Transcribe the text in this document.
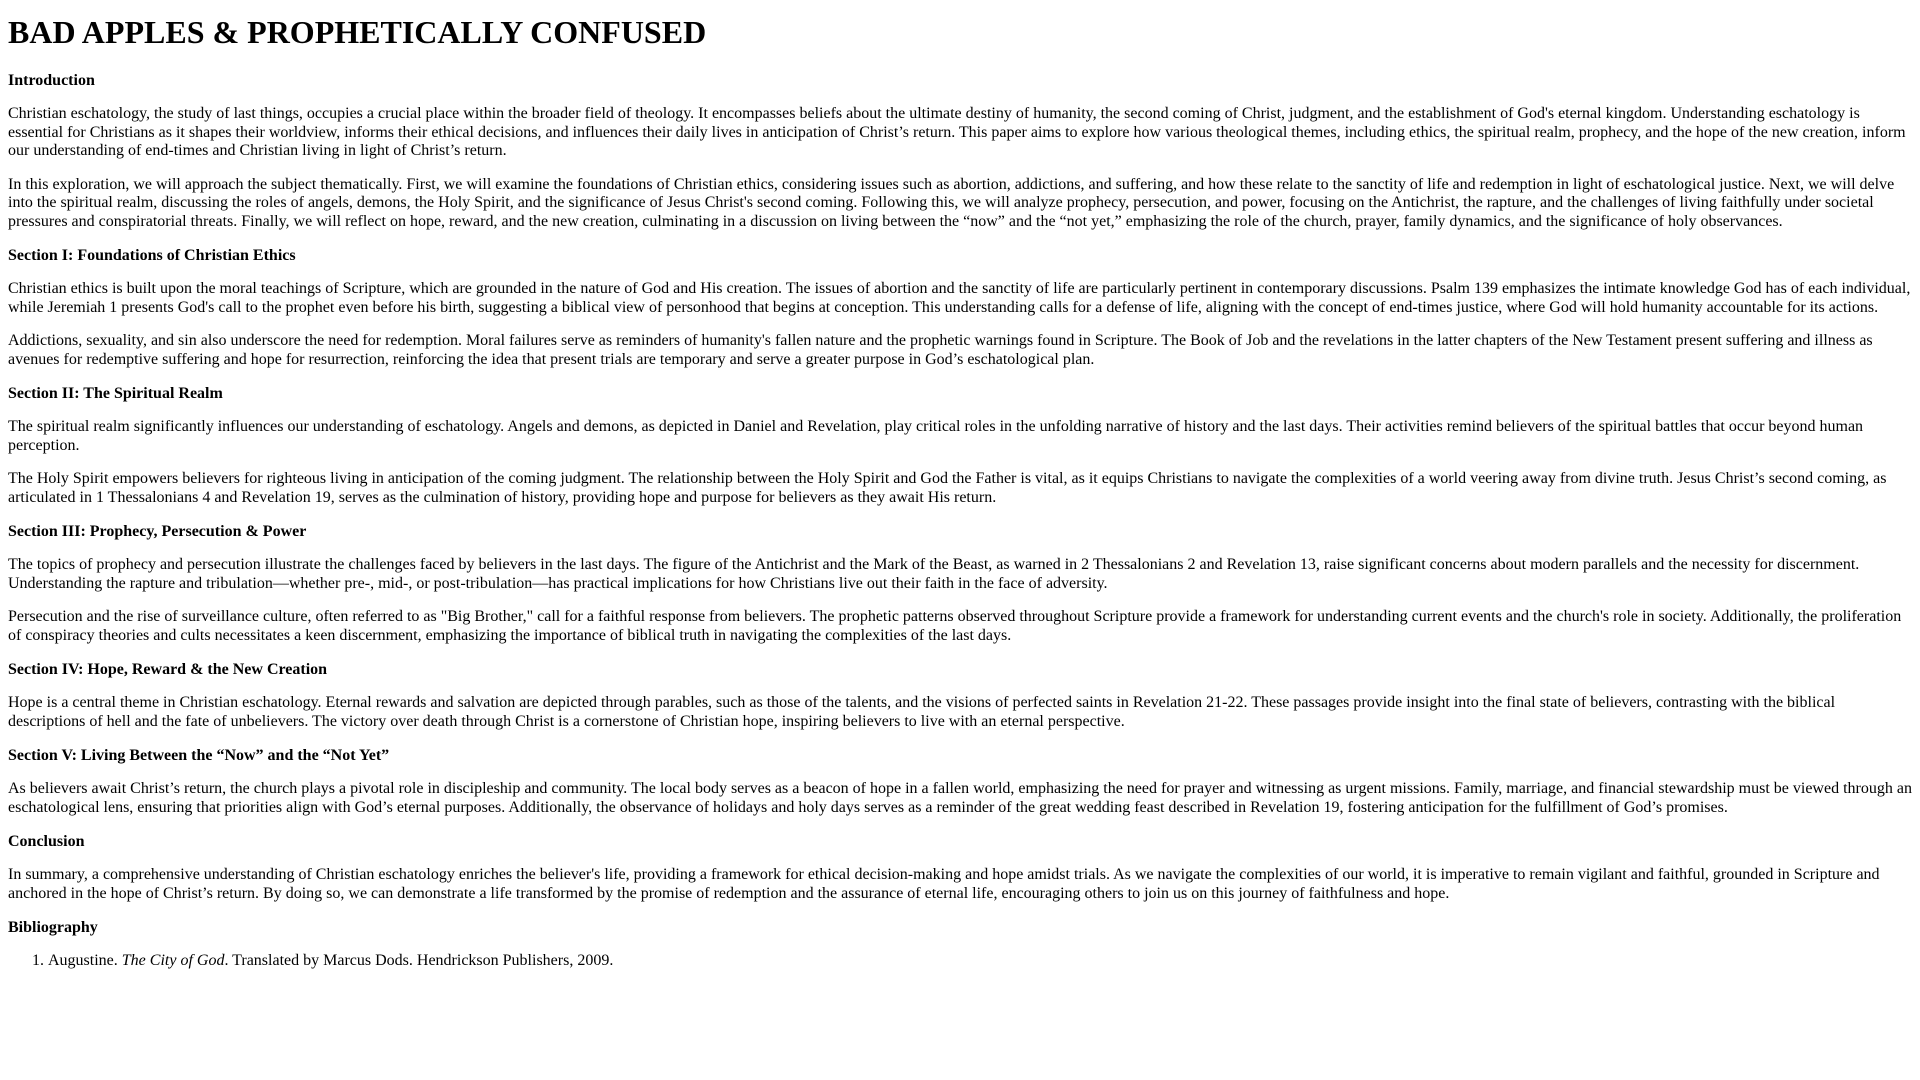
BAD APPLES & PROPHETICALLY CONFUSED
Introduction

Christian eschatology, the study of last things, occupies a crucial place within the broader field of theology. It encompasses beliefs about the ultimate destiny of humanity, the second coming of Christ, judgment, and the establishment of God's eternal kingdom. Understanding eschatology is essential for Christians as it shapes their worldview, informs their ethical decisions, and influences their daily lives in anticipation of Christ’s return. This paper aims to explore how various theological themes, including ethics, the spiritual realm, prophecy, and the hope of the new creation, inform our understanding of end-times and Christian living in light of Christ’s return.

In this exploration, we will approach the subject thematically. First, we will examine the foundations of Christian ethics, considering issues such as abortion, addictions, and suffering, and how these relate to the sanctity of life and redemption in light of eschatological justice. Next, we will delve into the spiritual realm, discussing the roles of angels, demons, the Holy Spirit, and the significance of Jesus Christ's second coming. Following this, we will analyze prophecy, persecution, and power, focusing on the Antichrist, the rapture, and the challenges of living faithfully under societal pressures and conspiratorial threats. Finally, we will reflect on hope, reward, and the new creation, culminating in a discussion on living between the “now” and the “not yet,” emphasizing the role of the church, prayer, family dynamics, and the significance of holy observances.

Section I: Foundations of Christian Ethics

Christian ethics is built upon the moral teachings of Scripture, which are grounded in the nature of God and His creation. The issues of abortion and the sanctity of life are particularly pertinent in contemporary discussions. Psalm 139 emphasizes the intimate knowledge God has of each individual, while Jeremiah 1 presents God's call to the prophet even before his birth, suggesting a biblical view of personhood that begins at conception. This understanding calls for a defense of life, aligning with the concept of end-times justice, where God will hold humanity accountable for its actions.

Addictions, sexuality, and sin also underscore the need for redemption. Moral failures serve as reminders of humanity's fallen nature and the prophetic warnings found in Scripture. The Book of Job and the revelations in the latter chapters of the New Testament present suffering and illness as avenues for redemptive suffering and hope for resurrection, reinforcing the idea that present trials are temporary and serve a greater purpose in God’s eschatological plan.

Section II: The Spiritual Realm

The spiritual realm significantly influences our understanding of eschatology. Angels and demons, as depicted in Daniel and Revelation, play critical roles in the unfolding narrative of history and the last days. Their activities remind believers of the spiritual battles that occur beyond human perception.

The Holy Spirit empowers believers for righteous living in anticipation of the coming judgment. The relationship between the Holy Spirit and God the Father is vital, as it equips Christians to navigate the complexities of a world veering away from divine truth. Jesus Christ’s second coming, as articulated in 1 Thessalonians 4 and Revelation 19, serves as the culmination of history, providing hope and purpose for believers as they await His return.

Section III: Prophecy, Persecution & Power

The topics of prophecy and persecution illustrate the challenges faced by believers in the last days. The figure of the Antichrist and the Mark of the Beast, as warned in 2 Thessalonians 2 and Revelation 13, raise significant concerns about modern parallels and the necessity for discernment. Understanding the rapture and tribulation—whether pre-, mid-, or post-tribulation—has practical implications for how Christians live out their faith in the face of adversity.

Persecution and the rise of surveillance culture, often referred to as "Big Brother," call for a faithful response from believers. The prophetic patterns observed throughout Scripture provide a framework for understanding current events and the church's role in society. Additionally, the proliferation of conspiracy theories and cults necessitates a keen discernment, emphasizing the importance of biblical truth in navigating the complexities of the last days.

Section IV: Hope, Reward & the New Creation

Hope is a central theme in Christian eschatology. Eternal rewards and salvation are depicted through parables, such as those of the talents, and the visions of perfected saints in Revelation 21-22. These passages provide insight into the final state of believers, contrasting with the biblical descriptions of hell and the fate of unbelievers. The victory over death through Christ is a cornerstone of Christian hope, inspiring believers to live with an eternal perspective.

Section V: Living Between the “Now” and the “Not Yet”

As believers await Christ’s return, the church plays a pivotal role in discipleship and community. The local body serves as a beacon of hope in a fallen world, emphasizing the need for prayer and witnessing as urgent missions. Family, marriage, and financial stewardship must be viewed through an eschatological lens, ensuring that priorities align with God’s eternal purposes. Additionally, the observance of holidays and holy days serves as a reminder of the great wedding feast described in Revelation 19, fostering anticipation for the fulfillment of God’s promises.

Conclusion

In summary, a comprehensive understanding of Christian eschatology enriches the believer's life, providing a framework for ethical decision-making and hope amidst trials. As we navigate the complexities of our world, it is imperative to remain vigilant and faithful, grounded in Scripture and anchored in the hope of Christ’s return. By doing so, we can demonstrate a life transformed by the promise of redemption and the assurance of eternal life, encouraging others to join us on this journey of faithfulness and hope.

Bibliography
1. Augustine. The City of God. Translated by Marcus Dods. Hendrickson Publishers, 2009.
